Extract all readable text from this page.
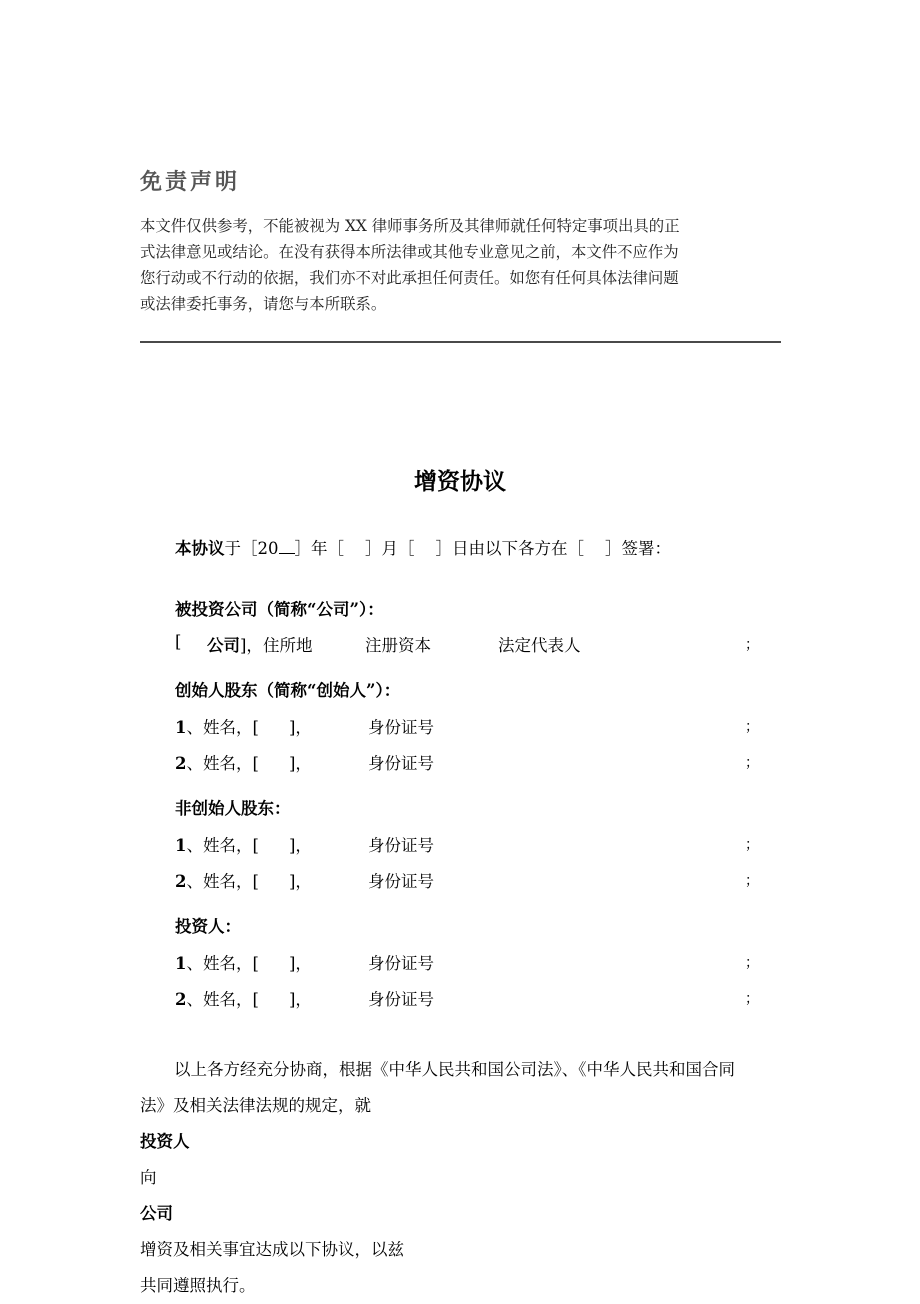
免责声明
本文件仅供参考，不能被视为 XX 律师事务所及其律师就任何特定事项出具的正
式法律意见或结论。在没有获得本所法律或其他专业意见之前，本文件不应作为
您行动或不行动的依据，我们亦不对此承担任何责任。如您有任何具体法律问题
或法律委托事务，请您与本所联系。
增资协议
本协议于［20 ］年［ ］月［ ］日由以下各方在［ ］签署：
被投资公司（简称“公司”）：
[ 公司]，住所地	注册资本	法定代表人	；
创始人股东（简称“创始人”）：
1、姓名，[ ]，	身份证号	；
2、姓名，[ ]，	身份证号	；
非创始人股东：
1、姓名，[ ]，	身份证号	；
2、姓名，[ ]，	身份证号	；
投资人：
1、姓名，[ ]，	身份证号	；
2、姓名，[ ]，	身份证号	；
以上各方经充分协商，根据《中华人民共和国公司法》、《中华人民共和国合同
法》及相关法律法规的规定，就
投资人
向
公司
增资及相关事宜达成以下协议，以兹
共同遵照执行。
